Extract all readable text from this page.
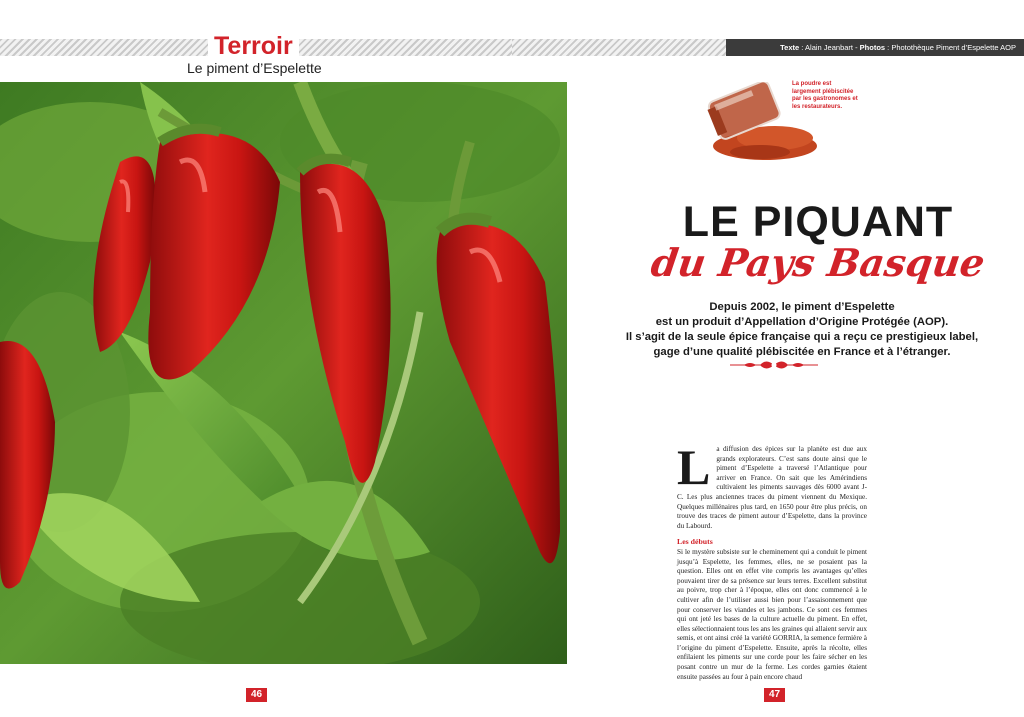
Terroir
Le piment d’Espelette
46
Texte : Alain Jeanbart - Photos : Photothèque Piment d’Espelette AOP
La poudre est largement plébiscitée par les gastronomes et les restaurateurs.
LE PIQUANT
du Pays Basque
Depuis 2002, le piment d’Espelette
est un produit d’Appellation d’Origine Protégée (AOP).
Il s’agit de la seule épice française qui a reçu ce prestigieux label,
gage d’une qualité plébiscitée en France et à l’étranger.
L a diffusion des épices sur la planète est due aux grands explorateurs. C’est sans doute ainsi que le piment d’Espelette a traversé l’Atlantique pour arriver en France. On sait que les Amérindiens cultivaient les piments sauvages dès 6000 avant J-C. Les plus anciennes traces du piment viennent du Mexique. Quelques millénaires plus tard, en 1650 pour être plus précis, on trouve des traces de piment autour d’Espelette, dans la province du Labourd.

Les débuts

Si le mystère subsiste sur le cheminement qui a conduit le piment jusqu’à Espelette, les femmes, elles, ne se posaient pas la question. Elles ont en effet vite compris les avantages qu’elles pouvaient tirer de sa présence sur leurs terres. Excellent substitut au poivre, trop cher à l’époque, elles ont donc commencé à le cultiver afin de l’utiliser aussi bien pour l’assaisonnement que pour conserver les viandes et les jambons. Ce sont ces femmes qui ont jeté les bases de la culture actuelle du piment. En effet, elles sélectionnaient tous les ans les graines qui allaient servir aux semis, et ont ainsi créé la variété GORRIA, la semence fermière à l’origine du piment d’Espelette. Ensuite, après la récolte, elles enfilaient les piments sur une corde pour les faire sécher en les posant contre un mur de la ferme. Les cordes garnies étaient ensuite passées au four à pain encore chaud

47
